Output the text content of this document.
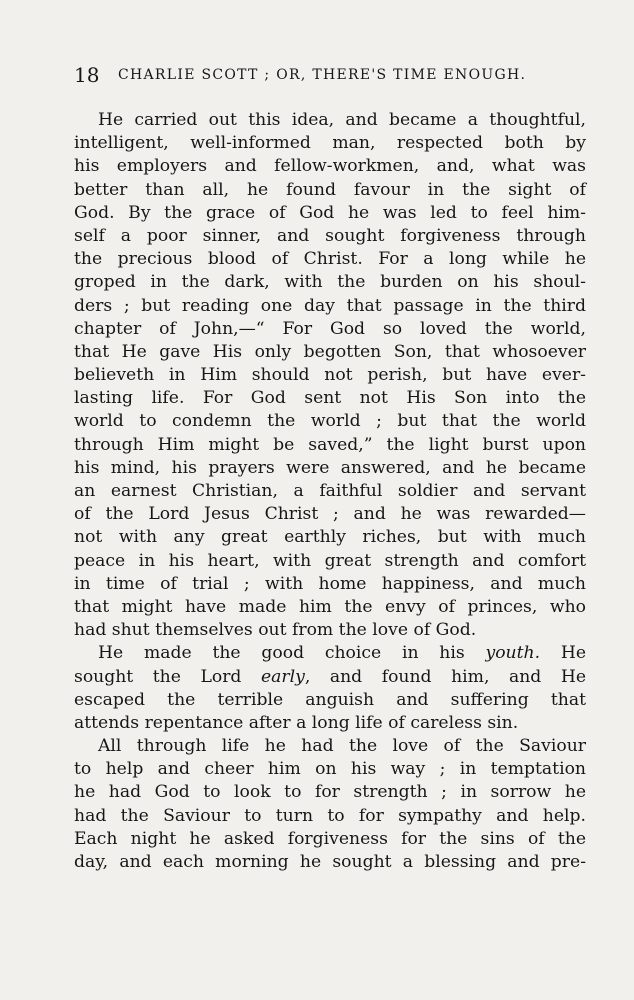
18 CHARLIE SCOTT ; OR, THERE'S TIME ENOUGH.
He carried out this idea, and became a thoughtful,
intelligent, well-informed man, respected both by
his employers and fellow-workmen, and, what was
better than all, he found favour in the sight of
God. By the grace of God he was led to feel him-
self a poor sinner, and sought forgiveness through
the precious blood of Christ. For a long while he
groped in the dark, with the burden on his shoul-
ders ; but reading one day that passage in the third
chapter of John,—“ For God so loved the world,
that He gave His only begotten Son, that whosoever
believeth in Him should not perish, but have ever-
lasting life. For God sent not His Son into the
world to condemn the world ; but that the world
through Him might be saved,” the light burst upon
his mind, his prayers were answered, and he became
an earnest Christian, a faithful soldier and servant
of the Lord Jesus Christ ; and he was rewarded—
not with any great earthly riches, but with much
peace in his heart, with great strength and comfort
in time of trial ; with home happiness, and much
that might have made him the envy of princes, who
had shut themselves out from the love of God.
He made the good choice in his youth. He
sought the Lord early, and found him, and He
escaped the terrible anguish and suffering that
attends repentance after a long life of careless sin.
All through life he had the love of the Saviour
to help and cheer him on his way ; in temptation
he had God to look to for strength ; in sorrow he
had the Saviour to turn to for sympathy and help.
Each night he asked forgiveness for the sins of the
day, and each morning he sought a blessing and pre-
